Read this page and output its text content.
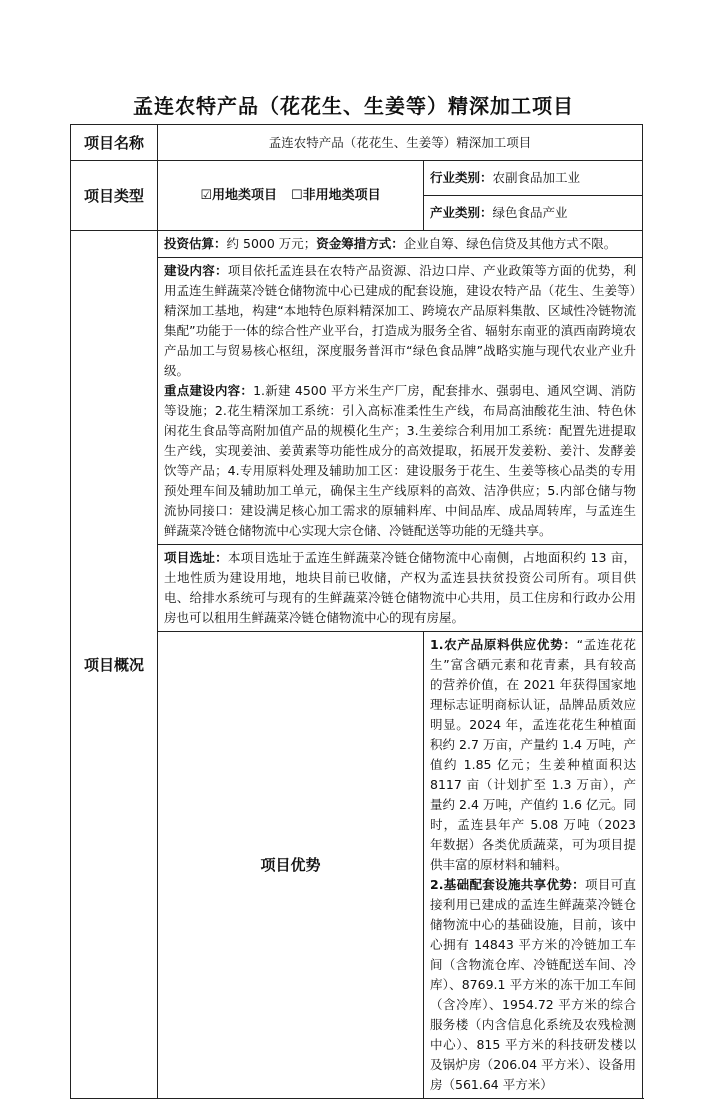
孟连农特产品（花花生、生姜等）精深加工项目
项目名称	孟连农特产品（花花生、生姜等）精深加工项目	
项目类型	☑用地类项目 ☐非用地类项目	行业类别：农副食品加工业
		产业类别：绿色食品产业
项目概况	投资估算：约 5000 万元；资金筹措方式：企业自筹、绿色信贷及其他方式不限。	

	建设内容：项目依托孟连县在农特产品资源、沿边口岸、产业政策等方面的优势，利用孟连生鲜蔬菜冷链仓储物流中心已建成的配套设施，建设农特产品（花生、生姜等）精深加工基地，构建“本地特色原料精深加工、跨境农产品原料集散、区域性冷链物流集配”功能于一体的综合性产业平台，打造成为服务全省、辐射东南亚的滇西南跨境农产品加工与贸易核心枢纽，深度服务普洱市“绿色食品牌”战略实施与现代农业产业升级。

重点建设内容：1.新建 4500 平方米生产厂房，配套排水、强弱电、通风空调、消防等设施；2.花生精深加工系统：引入高标准柔性生产线，布局高油酸花生油、特色休闲花生食品等高附加值产品的规模化生产；3.生姜综合利用加工系统：配置先进提取生产线，实现姜油、姜黄素等功能性成分的高效提取，拓展开发姜粉、姜汁、发酵姜饮等产品；4.专用原料处理及辅助加工区：建设服务于花生、生姜等核心品类的专用预处理车间及辅助加工单元，确保主生产线原料的高效、洁净供应；5.内部仓储与物流协同接口：建设满足核心加工需求的原辅料库、中间品库、成品周转库，与孟连生鲜蔬菜冷链仓储物流中心实现大宗仓储、冷链配送等功能的无缝共享。	

	项目选址：本项目选址于孟连生鲜蔬菜冷链仓储物流中心南侧，占地面积约 13 亩，土地性质为建设用地，地块目前已收储，产权为孟连县扶贫投资公司所有。项目供电、给排水系统可与现有的生鲜蔬菜冷链仓储物流中心共用，员工住房和行政办公用房也可以租用生鲜蔬菜冷链仓储物流中心的现有房屋。	

	项目优势	1.农产品原料供应优势：“孟连花花生”富含硒元素和花青素，具有较高的营养价值，在 2021 年获得国家地理标志证明商标认证，品牌品质效应明显。2024 年，孟连花花生种植面积约 2.7 万亩，产量约 1.4 万吨，产值约 1.85 亿元；生姜种植面积达 8117 亩（计划扩至 1.3 万亩），产量约 2.4 万吨，产值约 1.6 亿元。同时，孟连县年产 5.08 万吨（2023 年数据）各类优质蔬菜，可为项目提供丰富的原材料和辅料。

2.基础配套设施共享优势：项目可直接利用已建成的孟连生鲜蔬菜冷链仓储物流中心的基础设施，目前，该中心拥有 14843 平方米的冷链加工车间（含物流仓库、冷链配送车间、冷库）、8769.1 平方米的冻干加工车间（含冷库）、1954.72 平方米的综合服务楼（内含信息化系统及农残检测中心）、815 平方米的科技研发楼以及锅炉房（206.04 平方米）、设备用房（561.64 平方米）
